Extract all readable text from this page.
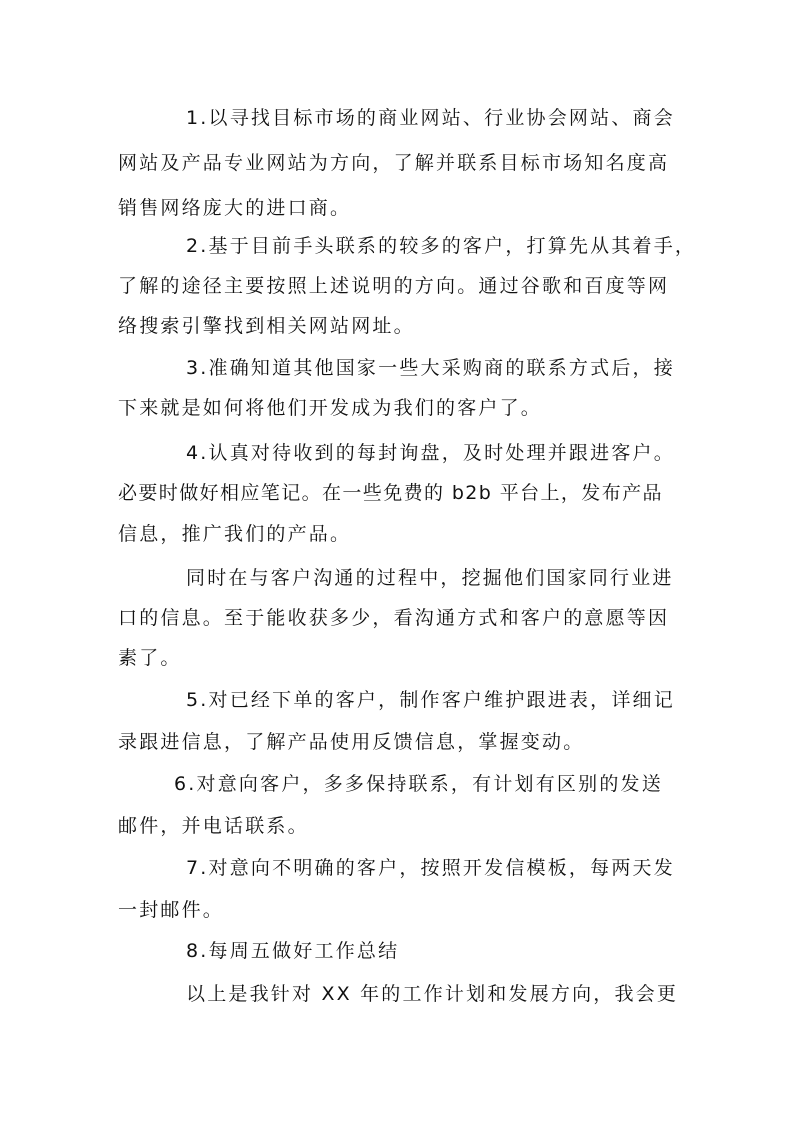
1.以寻找目标市场的商业网站、行业协会网站、商会
网站及产品专业网站为方向，了解并联系目标市场知名度高
销售网络庞大的进口商。
2.基于目前手头联系的较多的客户，打算先从其着手，
了解的途径主要按照上述说明的方向。通过谷歌和百度等网
络搜索引擎找到相关网站网址。
3.准确知道其他国家一些大采购商的联系方式后，接
下来就是如何将他们开发成为我们的客户了。
4.认真对待收到的每封询盘，及时处理并跟进客户。
必要时做好相应笔记。在一些免费的 b2b 平台上，发布产品
信息，推广我们的产品。
同时在与客户沟通的过程中，挖掘他们国家同行业进
口的信息。至于能收获多少，看沟通方式和客户的意愿等因
素了。
5.对已经下单的客户，制作客户维护跟进表，详细记
录跟进信息，了解产品使用反馈信息，掌握变动。
6.对意向客户，多多保持联系，有计划有区别的发送
邮件，并电话联系。
7.对意向不明确的客户，按照开发信模板，每两天发
一封邮件。
8.每周五做好工作总结
以上是我针对 XX 年的工作计划和发展方向，我会更
